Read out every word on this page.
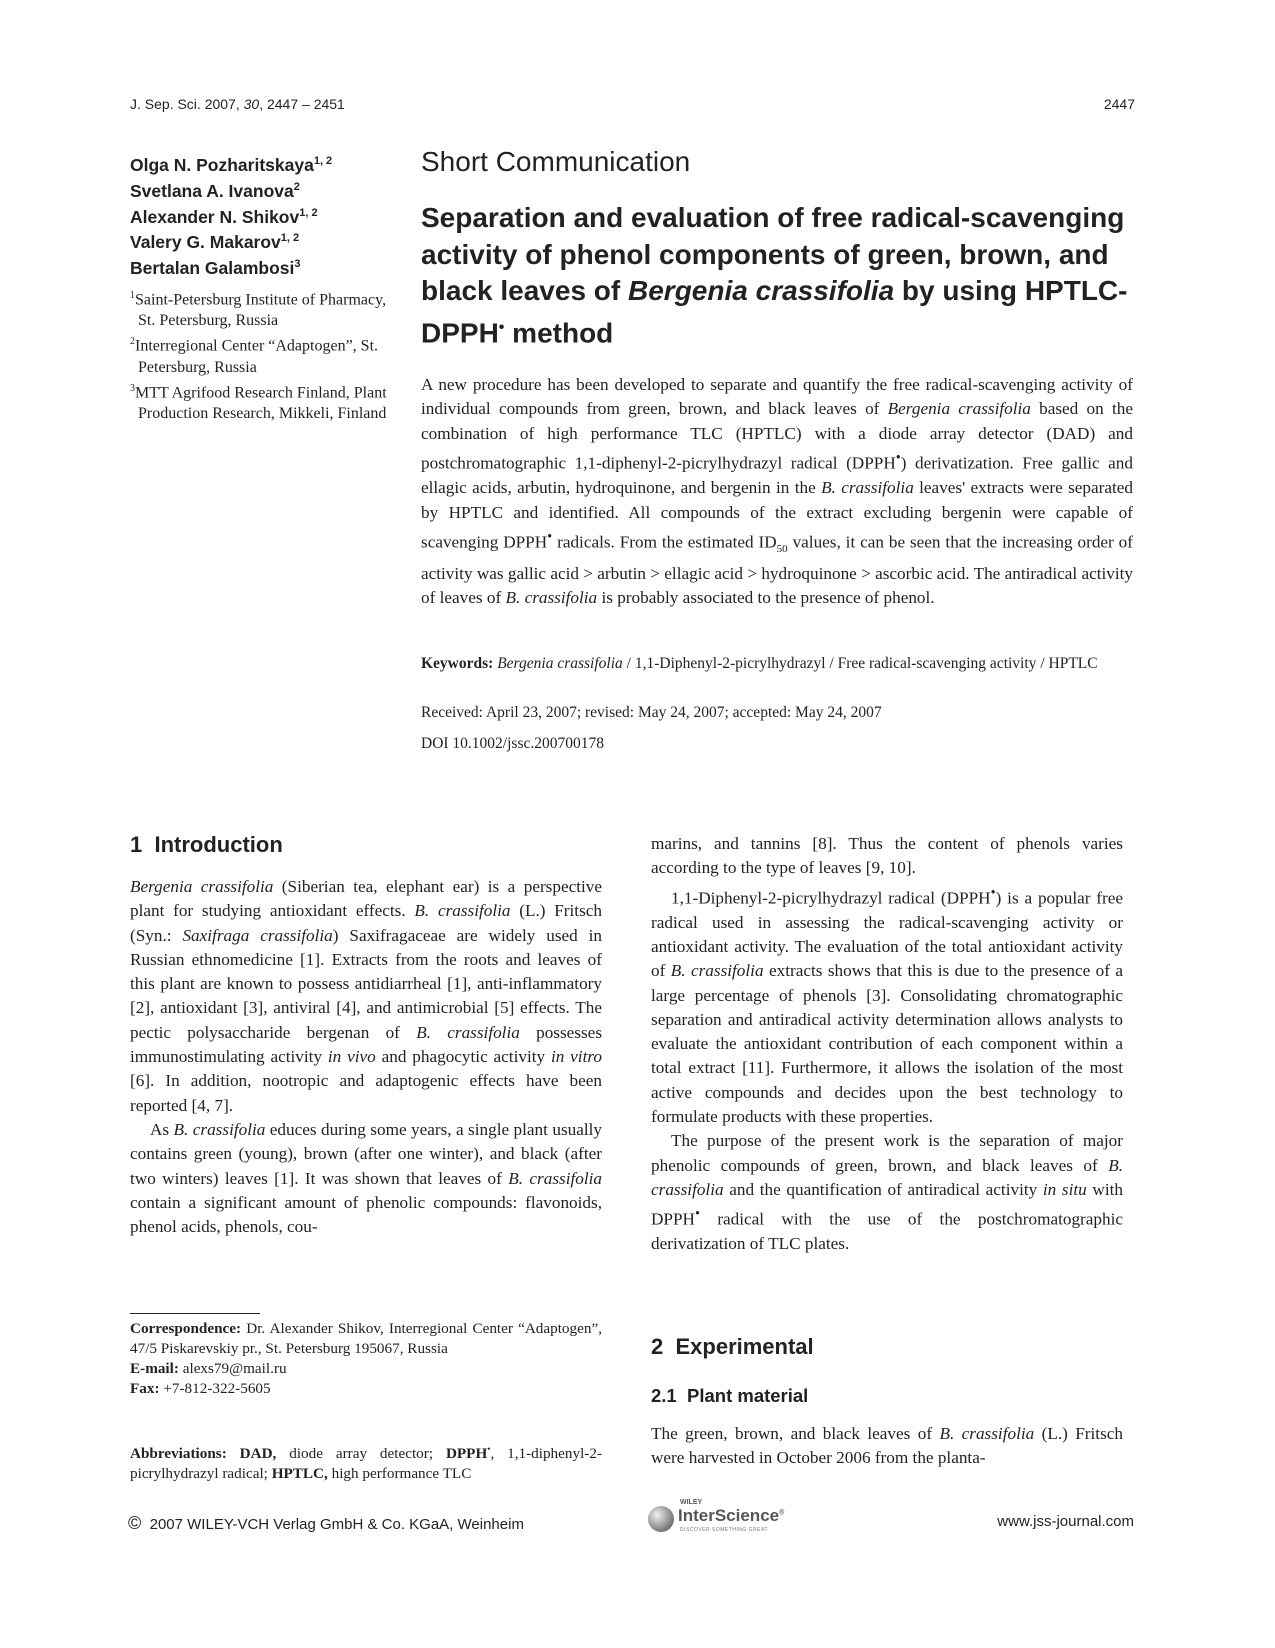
J. Sep. Sci. 2007, 30, 2447 – 2451	2447
Olga N. Pozharitskaya$^{1, 2}$
Svetlana A. Ivanova$^2$
Alexander N. Shikov$^{1, 2}$
Valery G. Makarov$^{1, 2}$
Bertalan Galambosi$^3$
$^1$Saint-Petersburg Institute of Pharmacy, St. Petersburg, Russia
$^2$Interregional Center “Adaptogen”, St. Petersburg, Russia
$^3$MTT Agrifood Research Finland, Plant Production Research, Mikkeli, Finland
Short Communication
Separation and evaluation of free radical-scavenging activity of phenol components of green, brown, and black leaves of Bergenia crassifolia by using HPTLC-DPPH• method
A new procedure has been developed to separate and quantify the free radical-scavenging activity of individual compounds from green, brown, and black leaves of Bergenia crassifolia based on the combination of high performance TLC (HPTLC) with a diode array detector (DAD) and postchromatographic 1,1-diphenyl-2-picrylhydrazyl radical (DPPH•) derivatization. Free gallic and ellagic acids, arbutin, hydroquinone, and bergenin in the B. crassifolia leaves' extracts were separated by HPTLC and identified. All compounds of the extract excluding bergenin were capable of scavenging DPPH• radicals. From the estimated $ID_{50}$ values, it can be seen that the increasing order of activity was gallic acid > arbutin > ellagic acid > hydroquinone > ascorbic acid. The antiradical activity of leaves of B. crassifolia is probably associated to the presence of phenol.
Keywords: Bergenia crassifolia / 1,1-Diphenyl-2-picrylhydrazyl / Free radical-scavenging activity / HPTLC
Received: April 23, 2007; revised: May 24, 2007; accepted: May 24, 2007
DOI 10.1002/jssc.200700178
1 Introduction

Bergenia crassifolia (Siberian tea, elephant ear) is a perspective plant for studying antioxidant effects. B. crassifolia (L.) Fritsch (Syn.: Saxifraga crassifolia) Saxifragaceae are widely used in Russian ethnomedicine [1]. Extracts from the roots and leaves of this plant are known to possess antidiarrheal [1], anti-inflammatory [2], antioxidant [3], antiviral [4], and antimicrobial [5] effects. The pectic polysaccharide bergenan of B. crassifolia possesses immunostimulating activity in vivo and phagocytic activity in vitro [6]. In addition, nootropic and adaptogenic effects have been reported [4, 7].

As B. crassifolia educes during some years, a single plant usually contains green (young), brown (after one winter), and black (after two winters) leaves [1]. It was shown that leaves of B. crassifolia contain a significant amount of phenolic compounds: flavonoids, phenol acids, phenols, cou-

marins, and tannins [8]. Thus the content of phenols varies according to the type of leaves [9, 10].

1,1-Diphenyl-2-picrylhydrazyl radical (DPPH•) is a popular free radical used in assessing the radical-scavenging activity or antioxidant activity. The evaluation of the total antioxidant activity of B. crassifolia extracts shows that this is due to the presence of a large percentage of phenols [3]. Consolidating chromatographic separation and antiradical activity determination allows analysts to evaluate the antioxidant contribution of each component within a total extract [11]. Furthermore, it allows the isolation of the most active compounds and decides upon the best technology to formulate products with these properties.

The purpose of the present work is the separation of major phenolic compounds of green, brown, and black leaves of B. crassifolia and the quantification of antiradical activity in situ with DPPH• radical with the use of the postchromatographic derivatization of TLC plates.

2 Experimental
2.1 Plant material
The green, brown, and black leaves of B. crassifolia (L.) Fritsch were harvested in October 2006 from the planta-
Correspondence: Dr. Alexander Shikov, Interregional Center “Adaptogen”, 47/5 Piskarevskiy pr., St. Petersburg 195067, Russia
E-mail: alexs79@mail.ru
Fax: +7-812-322-5605
Abbreviations: DAD, diode array detector; DPPH•, 1,1-diphenyl-2-picrylhydrazyl radical; HPTLC, high performance TLC
© 2007 WILEY-VCH Verlag GmbH & Co. KGaA, Weinheim
WILEY
InterScience®
DISCOVER SOMETHING GREAT	www.jss-journal.com
